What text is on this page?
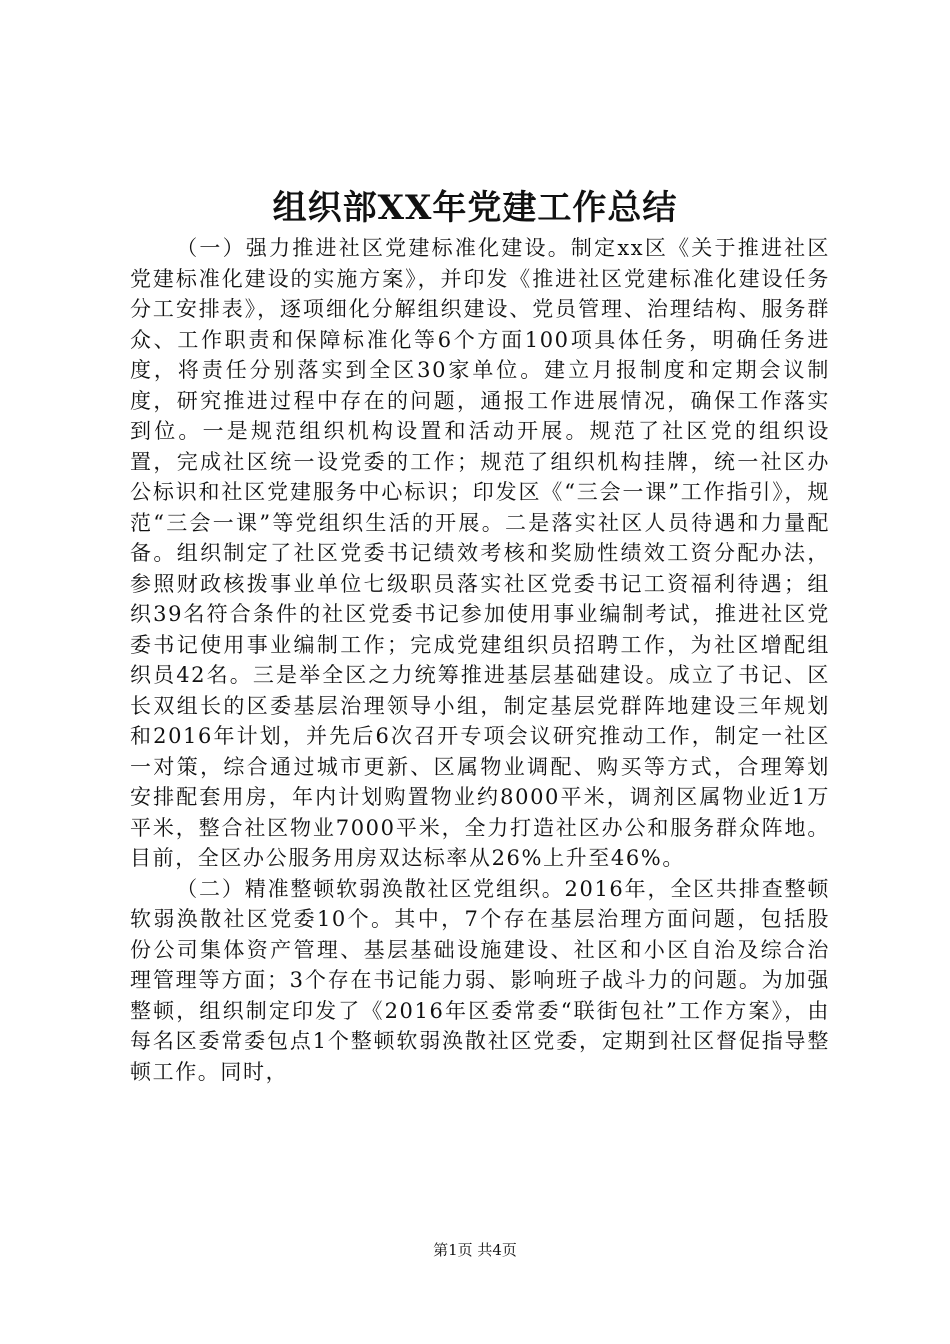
组织部XX年党建工作总结

（一）强力推进社区党建标准化建设。制定xx区《关于推进社区党建标准化建设的实施方案》，并印发《推进社区党建标准化建设任务分工安排表》，逐项细化分解组织建设、党员管理、治理结构、服务群众、工作职责和保障标准化等6个方面100项具体任务，明确任务进度，将责任分别落实到全区30家单位。建立月报制度和定期会议制度，研究推进过程中存在的问题，通报工作进展情况，确保工作落实到位。一是规范组织机构设置和活动开展。规范了社区党的组织设置，完成社区统一设党委的工作；规范了组织机构挂牌，统一社区办公标识和社区党建服务中心标识；印发区《“三会一课”工作指引》，规范“三会一课”等党组织生活的开展。二是落实社区人员待遇和力量配备。组织制定了社区党委书记绩效考核和奖励性绩效工资分配办法，参照财政核拨事业单位七级职员落实社区党委书记工资福利待遇；组织39名符合条件的社区党委书记参加使用事业编制考试，推进社区党委书记使用事业编制工作；完成党建组织员招聘工作，为社区增配组织员42名。三是举全区之力统筹推进基层基础建设。成立了书记、区长双组长的区委基层治理领导小组，制定基层党群阵地建设三年规划和2016年计划，并先后6次召开专项会议研究推动工作，制定一社区一对策，综合通过城市更新、区属物业调配、购买等方式，合理筹划安排配套用房，年内计划购置物业约8000平米，调剂区属物业近1万平米，整合社区物业7000平米，全力打造社区办公和服务群众阵地。目前，全区办公服务用房双达标率从26%上升至46%。

（二）精准整顿软弱涣散社区党组织。2016年，全区共排查整顿软弱涣散社区党委10个。其中，7个存在基层治理方面问题，包括股份公司集体资产管理、基层基础设施建设、社区和小区自治及综合治理管理等方面；3个存在书记能力弱、影响班子战斗力的问题。为加强整顿，组织制定印发了《2016年区委常委“联街包社”工作方案》，由每名区委常委包点1个整顿软弱涣散社区党委，定期到社区督促指导整顿工作。同时，

第1页 共4页
